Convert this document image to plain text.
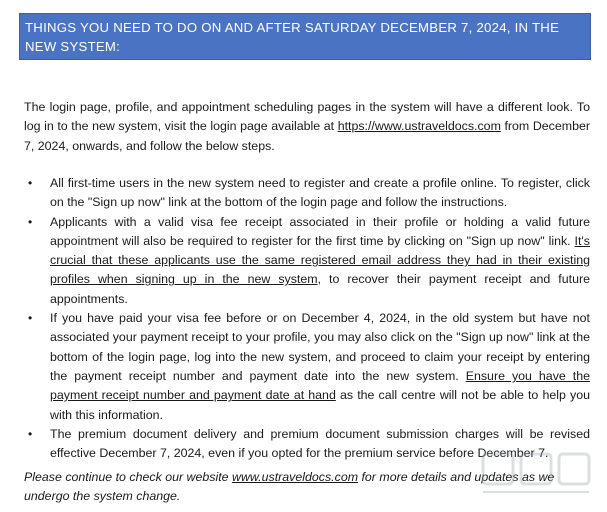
THINGS YOU NEED TO DO ON AND AFTER SATURDAY DECEMBER 7, 2024, IN THE NEW SYSTEM:

The login page, profile, and appointment scheduling pages in the system will have a different look. To log in to the new system, visit the login page available at https://www.ustraveldocs.com from December 7, 2024, onwards, and follow the below steps.

• All first-time users in the new system need to register and create a profile online. To register, click on the "Sign up now" link at the bottom of the login page and follow the instructions.
• Applicants with a valid visa fee receipt associated in their profile or holding a valid future appointment will also be required to register for the first time by clicking on "Sign up now" link. It's crucial that these applicants use the same registered email address they had in their existing profiles when signing up in the new system, to recover their payment receipt and future appointments.
• If you have paid your visa fee before or on December 4, 2024, in the old system but have not associated your payment receipt to your profile, you may also click on the "Sign up now" link at the bottom of the login page, log into the new system, and proceed to claim your receipt by entering the payment receipt number and payment date into the new system. Ensure you have the payment receipt number and payment date at hand as the call centre will not be able to help you with this information.
• The premium document delivery and premium document submission charges will be revised effective December 7, 2024, even if you opted for the premium service before December 7.

Please continue to check our website www.ustraveldocs.com for more details and updates as we undergo the system change.
